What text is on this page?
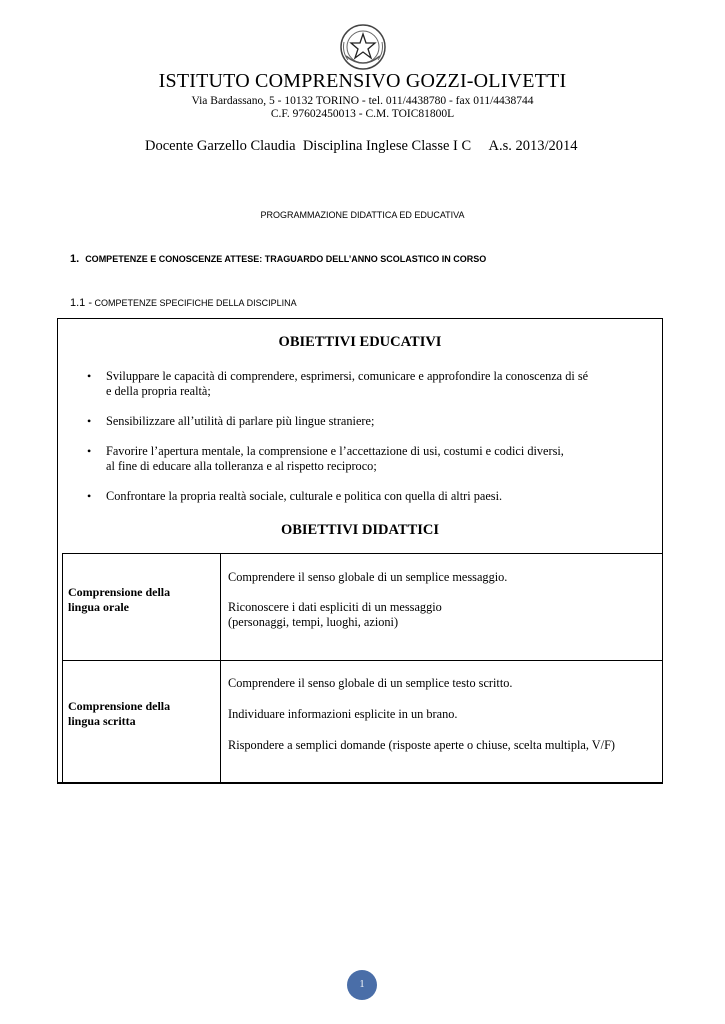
ISTITUTO COMPRENSIVO GOZZI-OLIVETTI
Via Bardassano, 5 - 10132 TORINO - tel. 011/4438780 - fax 011/4438744
C.F. 97602450013 - C.M. TOIC81800L
Docente Garzello Claudia  Disciplina Inglese Classe I C     A.s. 2013/2014
PROGRAMMAZIONE DIDATTICA ED EDUCATIVA
1. COMPETENZE E CONOSCENZE ATTESE: TRAGUARDO DELL’ANNO SCOLASTICO IN CORSO
1.1 - COMPETENZE SPECIFICHE DELLA DISCIPLINA
OBIETTIVI EDUCATIVI
• Sviluppare le capacità di comprendere, esprimersi, comunicare e approfondire la conoscenza di sé
e della propria realtà;
• Sensibilizzare all’utilità di parlare più lingue straniere;
• Favorire l’apertura mentale, la comprensione e l’accettazione di usi, costumi e codici diversi,
al fine di educare alla tolleranza e al rispetto reciproco;
• Confrontare la propria realtà sociale, culturale e politica con quella di altri paesi.
OBIETTIVI DIDATTICI
Comprensione della
lingua orale
Comprendere il senso globale di un semplice messaggio.
Riconoscere i dati espliciti di un messaggio
(personaggi, tempi, luoghi, azioni)
Comprensione della
lingua scritta
Comprendere il senso globale di un semplice testo scritto.
Individuare informazioni esplicite in un brano.
Rispondere a semplici domande (risposte aperte o chiuse, scelta multipla, V/F)
1
